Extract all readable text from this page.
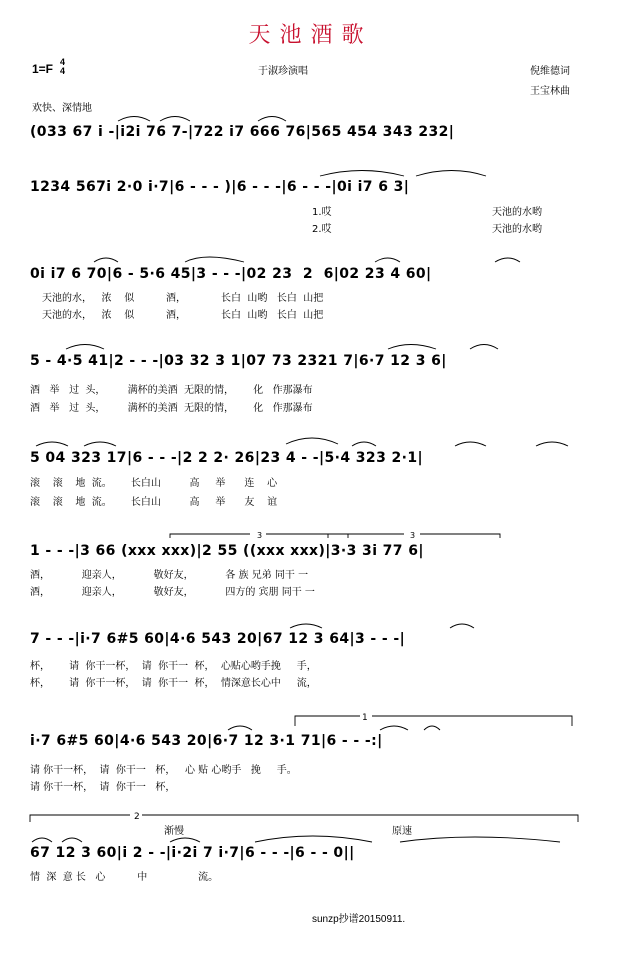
天池酒歌
1=F 4
4	于淑珍演唱	倪维德词
王宝林曲
欢快、深情地
(033 67 i -|i2i 76 7-|722 i7 666 76|565 454 343 232|
1234 567i 2·0 i·7|6 - - - )|6 - - -|6 - - -|0i i7 6 3|
1.哎
2.哎
天池的水哟
天池的水哟
0i i7 6 70|6 - 5·6 45|3 - - -|02 23  2  6|02 23 4 60|
天池的水，   浓    似          酒，           长白  山哟   长白  山把
天池的水，   浓    似          酒，           长白  山哟   长白  山把
5 - 4·5 41|2 - - -|03 32 3 1|07 73 2321 7|6·7 12 3 6|
酒   举   过  头，       满杯的美酒  无限的情，      化   作那瀑布
酒   举   过  头，       满杯的美酒  无限的情，      化   作那瀑布
5 04 323 17|6 - - -|2 2 2· 26|23 4 - -|5·4 323 2·1|
滚    滚    地  流。      长白山         高     举      连    心
滚    滚    地  流。      长白山         高     举      友    谊
1 - - -|3 66 (xxx xxx)|2 55 ((xxx xxx)|3·3 3i 77 6|
酒，          迎亲人，          敬好友，          各 族 兄弟 同干 一
酒，          迎亲人，          敬好友，          四方的 宾朋 同干 一
7 - - -|i·7 6#5 60|4·6 543 20|67 12 3 64|3 - - -|
杯，      请  你干一杯，  请  你干一  杯，  心贴心哟手挽     手，
杯，      请  你干一杯，  请  你干一  杯，  情深意长心中     流，
i·7 6#5 60|4·6 543 20|6·7 12 3·1 71|6 - - -:|
请 你干一杯，  请  你干一   杯，   心 贴 心哟手   挽     手。
请 你干一杯，  请  你干一   杯，
67 12 3 60|i 2 - -|i·2i 7 i·7|6 - - -|6 - - 0||
情  深  意 长   心          中                流。
1
2
渐慢	原速
3	3
sunzp抄谱20150911.
